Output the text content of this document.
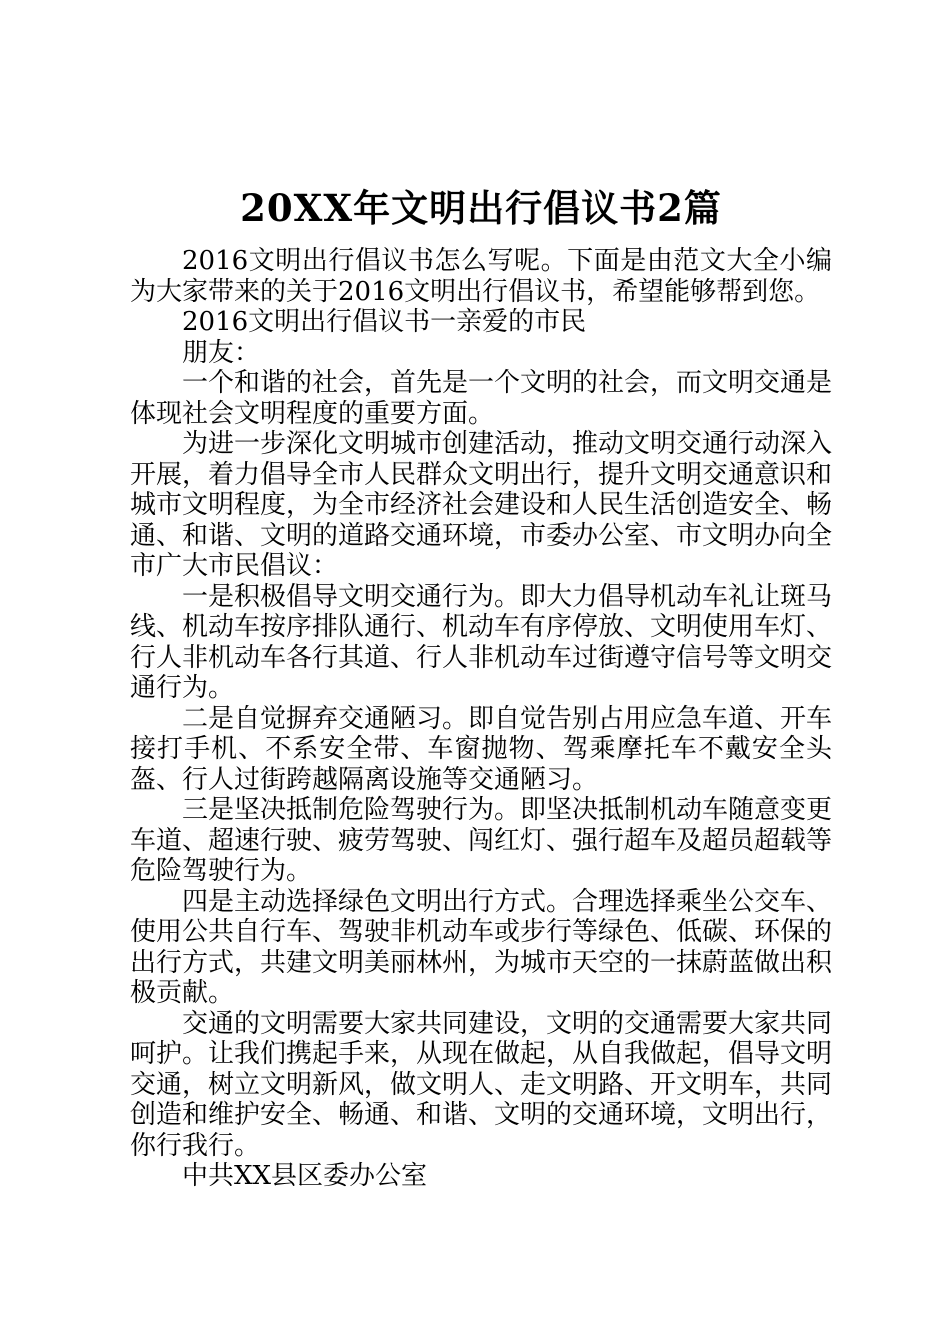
20XX年文明出行倡议书2篇

2016文明出行倡议书怎么写呢。下面是由范文大全小编为大家带来的关于2016文明出行倡议书，希望能够帮到您。

2016文明出行倡议书一亲爱的市民

朋友：

一个和谐的社会，首先是一个文明的社会，而文明交通是体现社会文明程度的重要方面。

为进一步深化文明城市创建活动，推动文明交通行动深入开展，着力倡导全市人民群众文明出行，提升文明交通意识和城市文明程度，为全市经济社会建设和人民生活创造安全、畅通、和谐、文明的道路交通环境，市委办公室、市文明办向全市广大市民倡议：

一是积极倡导文明交通行为。即大力倡导机动车礼让斑马线、机动车按序排队通行、机动车有序停放、文明使用车灯、行人非机动车各行其道、行人非机动车过街遵守信号等文明交通行为。

二是自觉摒弃交通陋习。即自觉告别占用应急车道、开车接打手机、不系安全带、车窗抛物、驾乘摩托车不戴安全头盔、行人过街跨越隔离设施等交通陋习。

三是坚决抵制危险驾驶行为。即坚决抵制机动车随意变更车道、超速行驶、疲劳驾驶、闯红灯、强行超车及超员超载等危险驾驶行为。

四是主动选择绿色文明出行方式。合理选择乘坐公交车、使用公共自行车、驾驶非机动车或步行等绿色、低碳、环保的出行方式，共建文明美丽林州，为城市天空的一抹蔚蓝做出积极贡献。

交通的文明需要大家共同建设，文明的交通需要大家共同呵护。让我们携起手来，从现在做起，从自我做起，倡导文明交通，树立文明新风，做文明人、走文明路、开文明车，共同创造和维护安全、畅通、和谐、文明的交通环境，文明出行，你行我行。

中共XX县区委办公室
